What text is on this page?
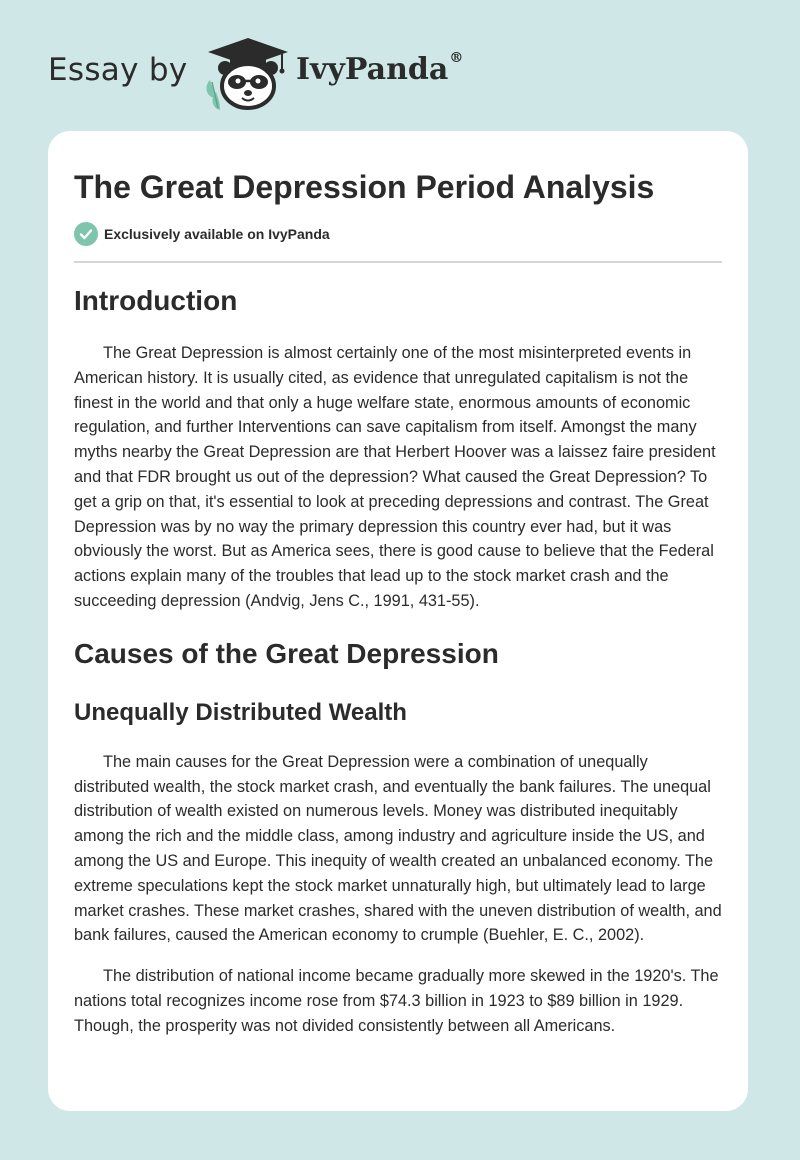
Essay by	IvyPanda®
The Great Depression Period Analysis
Exclusively available on IvyPanda
Introduction

The Great Depression is almost certainly one of the most misinterpreted events in American history. It is usually cited, as evidence that unregulated capitalism is not the finest in the world and that only a huge welfare state, enormous amounts of economic regulation, and further Interventions can save capitalism from itself. Amongst the many myths nearby the Great Depression are that Herbert Hoover was a laissez faire president and that FDR brought us out of the depression? What caused the Great Depression? To get a grip on that, it's essential to look at preceding depressions and contrast. The Great Depression was by no way the primary depression this country ever had, but it was obviously the worst. But as America sees, there is good cause to believe that the Federal actions explain many of the troubles that lead up to the stock market crash and the succeeding depression (Andvig, Jens C., 1991, 431-55).

Causes of the Great Depression
Unequally Distributed Wealth

The main causes for the Great Depression were a combination of unequally distributed wealth, the stock market crash, and eventually the bank failures. The unequal distribution of wealth existed on numerous levels. Money was distributed inequitably among the rich and the middle class, among industry and agriculture inside the US, and among the US and Europe. This inequity of wealth created an unbalanced economy. The extreme speculations kept the stock market unnaturally high, but ultimately lead to large market crashes. These market crashes, shared with the uneven distribution of wealth, and bank failures, caused the American economy to crumple (Buehler, E. C., 2002).

The distribution of national income became gradually more skewed in the 1920's. The nations total recognizes income rose from $74.3 billion in 1923 to $89 billion in 1929. Though, the prosperity was not divided consistently between all Americans.
